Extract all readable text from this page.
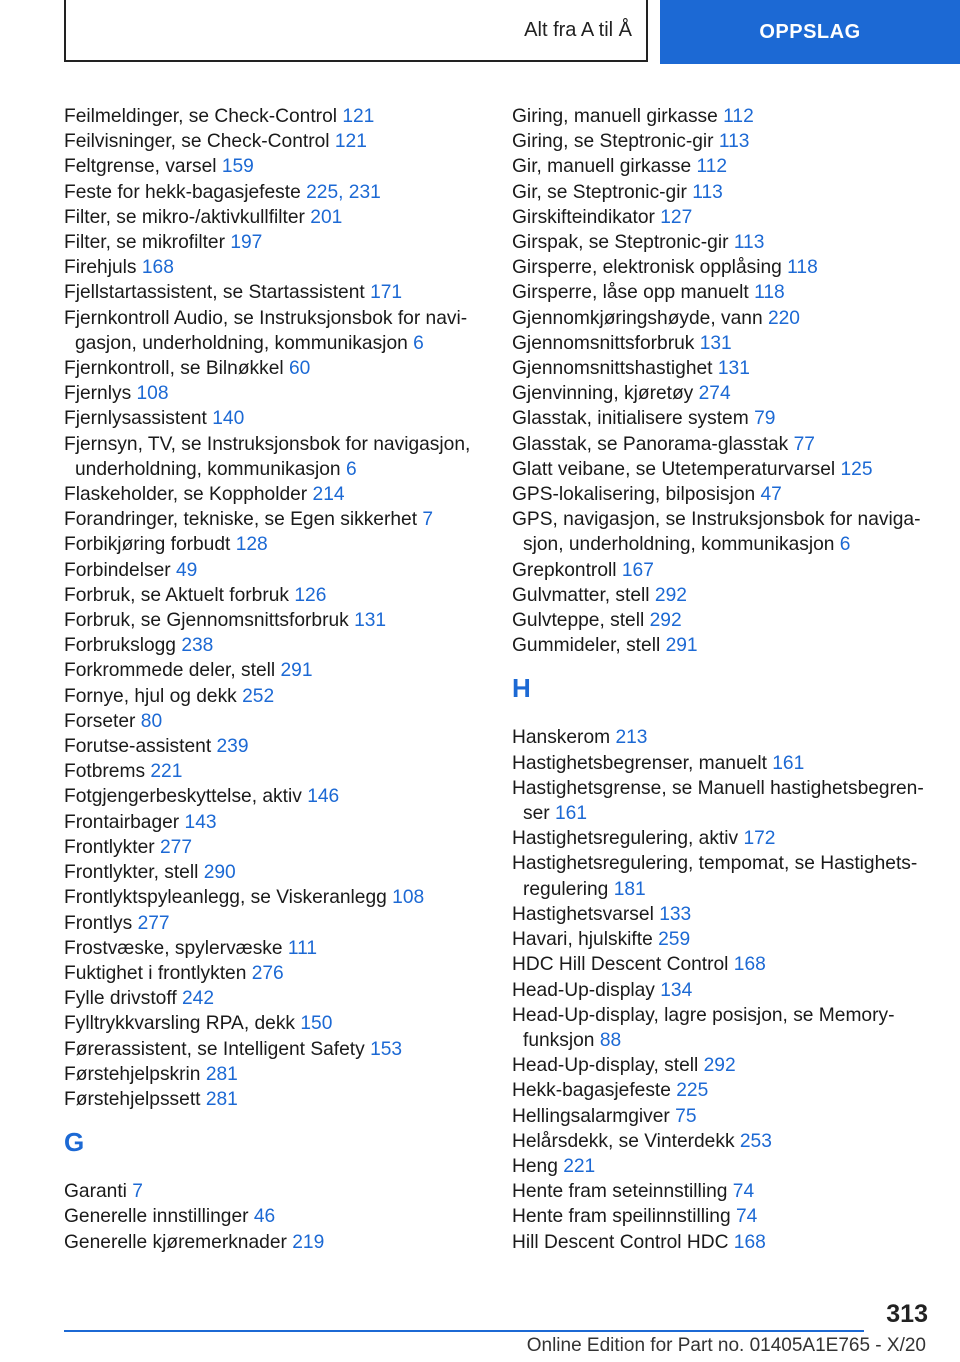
Alt fra A til Å	OPPSLAG
Feilmeldinger, se Check-Control 121
Feilvisninger, se Check-Control 121
Feltgrense, varsel 159
Feste for hekk-bagasjefeste 225, 231
Filter, se mikro-/aktivkullfilter 201
Filter, se mikrofilter 197
Firehjuls 168
Fjellstartassistent, se Startassistent 171
Fjernkontroll Audio, se Instruksjonsbok for navi-gasjon, underholdning, kommunikasjon 6
Fjernkontroll, se Bilnøkkel 60
Fjernlys 108
Fjernlysassistent 140
Fjernsyn, TV, se Instruksjonsbok for navigasjon, underholdning, kommunikasjon 6
Flaskeholder, se Koppholder 214
Forandringer, tekniske, se Egen sikkerhet 7
Forbikjøring forbudt 128
Forbindelser 49
Forbruk, se Aktuelt forbruk 126
Forbruk, se Gjennomsnittsforbruk 131
Forbrukslogg 238
Forkrommede deler, stell 291
Fornye, hjul og dekk 252
Forseter 80
Forutse-assistent 239
Fotbrems 221
Fotgjengerbeskyttelse, aktiv 146
Frontairbager 143
Frontlykter 277
Frontlykter, stell 290
Frontlyktspyleanlegg, se Viskeranlegg 108
Frontlys 277
Frostvæske, spylervæske 111
Fuktighet i frontlykten 276
Fylle drivstoff 242
Fylltrykkvarsling RPA, dekk 150
Førerassistent, se Intelligent Safety 153
Førstehjelpskrin 281
Førstehjelpssett 281
G
Garanti 7
Generelle innstillinger 46
Generelle kjøremerknader 219
Giring, manuell girkasse 112
Giring, se Steptronic-gir 113
Gir, manuell girkasse 112
Gir, se Steptronic-gir 113
Girskifteindikator 127
Girspak, se Steptronic-gir 113
Girsperre, elektronisk opplåsing 118
Girsperre, låse opp manuelt 118
Gjennomkjøringshøyde, vann 220
Gjennomsnittsforbruk 131
Gjennomsnittshastighet 131
Gjenvinning, kjøretøy 274
Glasstak, initialisere system 79
Glasstak, se Panorama-glasstak 77
Glatt veibane, se Utetemperaturvarsel 125
GPS-lokalisering, bilposisjon 47
GPS, navigasjon, se Instruksjonsbok for naviga-sjon, underholdning, kommunikasjon 6
Grepkontroll 167
Gulvmatter, stell 292
Gulvteppe, stell 292
Gummideler, stell 291
H
Hanskerom 213
Hastighetsbegrenser, manuelt 161
Hastighetsgrense, se Manuell hastighetsbegren-ser 161
Hastighetsregulering, aktiv 172
Hastighetsregulering, tempomat, se Hastighets-regulering 181
Hastighetsvarsel 133
Havari, hjulskifte 259
HDC Hill Descent Control 168
Head-Up-display 134
Head-Up-display, lagre posisjon, se Memory-funksjon 88
Head-Up-display, stell 292
Hekk-bagasjefeste 225
Hellingsalarmgiver 75
Helårsdekk, se Vinterdekk 253
Heng 221
Hente fram seteinnstilling 74
Hente fram speilinnstilling 74
Hill Descent Control HDC 168
313
Online Edition for Part no. 01405A1E765 - X/20
